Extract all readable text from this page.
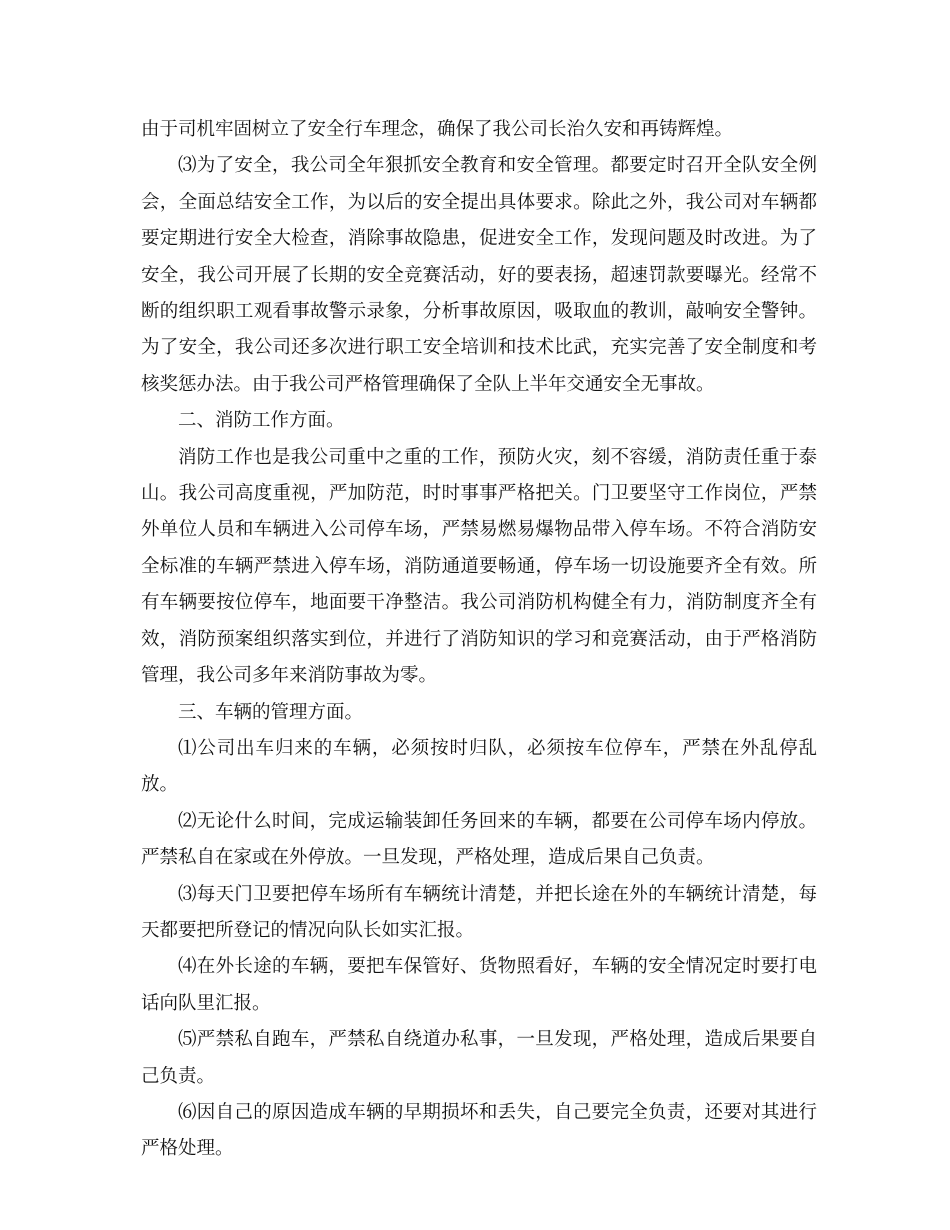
由于司机牢固树立了安全行车理念，确保了我公司长治久安和再铸辉煌。

⑶为了安全，我公司全年狠抓安全教育和安全管理。都要定时召开全队安全例会，全面总结安全工作，为以后的安全提出具体要求。除此之外，我公司对车辆都要定期进行安全大检查，消除事故隐患，促进安全工作，发现问题及时改进。为了安全，我公司开展了长期的安全竞赛活动，好的要表扬，超速罚款要曝光。经常不断的组织职工观看事故警示录象，分析事故原因，吸取血的教训，敲响安全警钟。为了安全，我公司还多次进行职工安全培训和技术比武，充实完善了安全制度和考核奖惩办法。由于我公司严格管理确保了全队上半年交通安全无事故。

二、消防工作方面。

消防工作也是我公司重中之重的工作，预防火灾，刻不容缓，消防责任重于泰山。我公司高度重视，严加防范，时时事事严格把关。门卫要坚守工作岗位，严禁外单位人员和车辆进入公司停车场，严禁易燃易爆物品带入停车场。不符合消防安全标准的车辆严禁进入停车场，消防通道要畅通，停车场一切设施要齐全有效。所有车辆要按位停车，地面要干净整洁。我公司消防机构健全有力，消防制度齐全有效，消防预案组织落实到位，并进行了消防知识的学习和竞赛活动，由于严格消防管理，我公司多年来消防事故为零。

三、车辆的管理方面。

⑴公司出车归来的车辆，必须按时归队，必须按车位停车，严禁在外乱停乱放。

⑵无论什么时间，完成运输装卸任务回来的车辆，都要在公司停车场内停放。严禁私自在家或在外停放。一旦发现，严格处理，造成后果自己负责。

⑶每天门卫要把停车场所有车辆统计清楚，并把长途在外的车辆统计清楚，每天都要把所登记的情况向队长如实汇报。

⑷在外长途的车辆，要把车保管好、货物照看好，车辆的安全情况定时要打电话向队里汇报。

⑸严禁私自跑车，严禁私自绕道办私事，一旦发现，严格处理，造成后果要自己负责。

⑹因自己的原因造成车辆的早期损坏和丢失，自己要完全负责，还要对其进行严格处理。
